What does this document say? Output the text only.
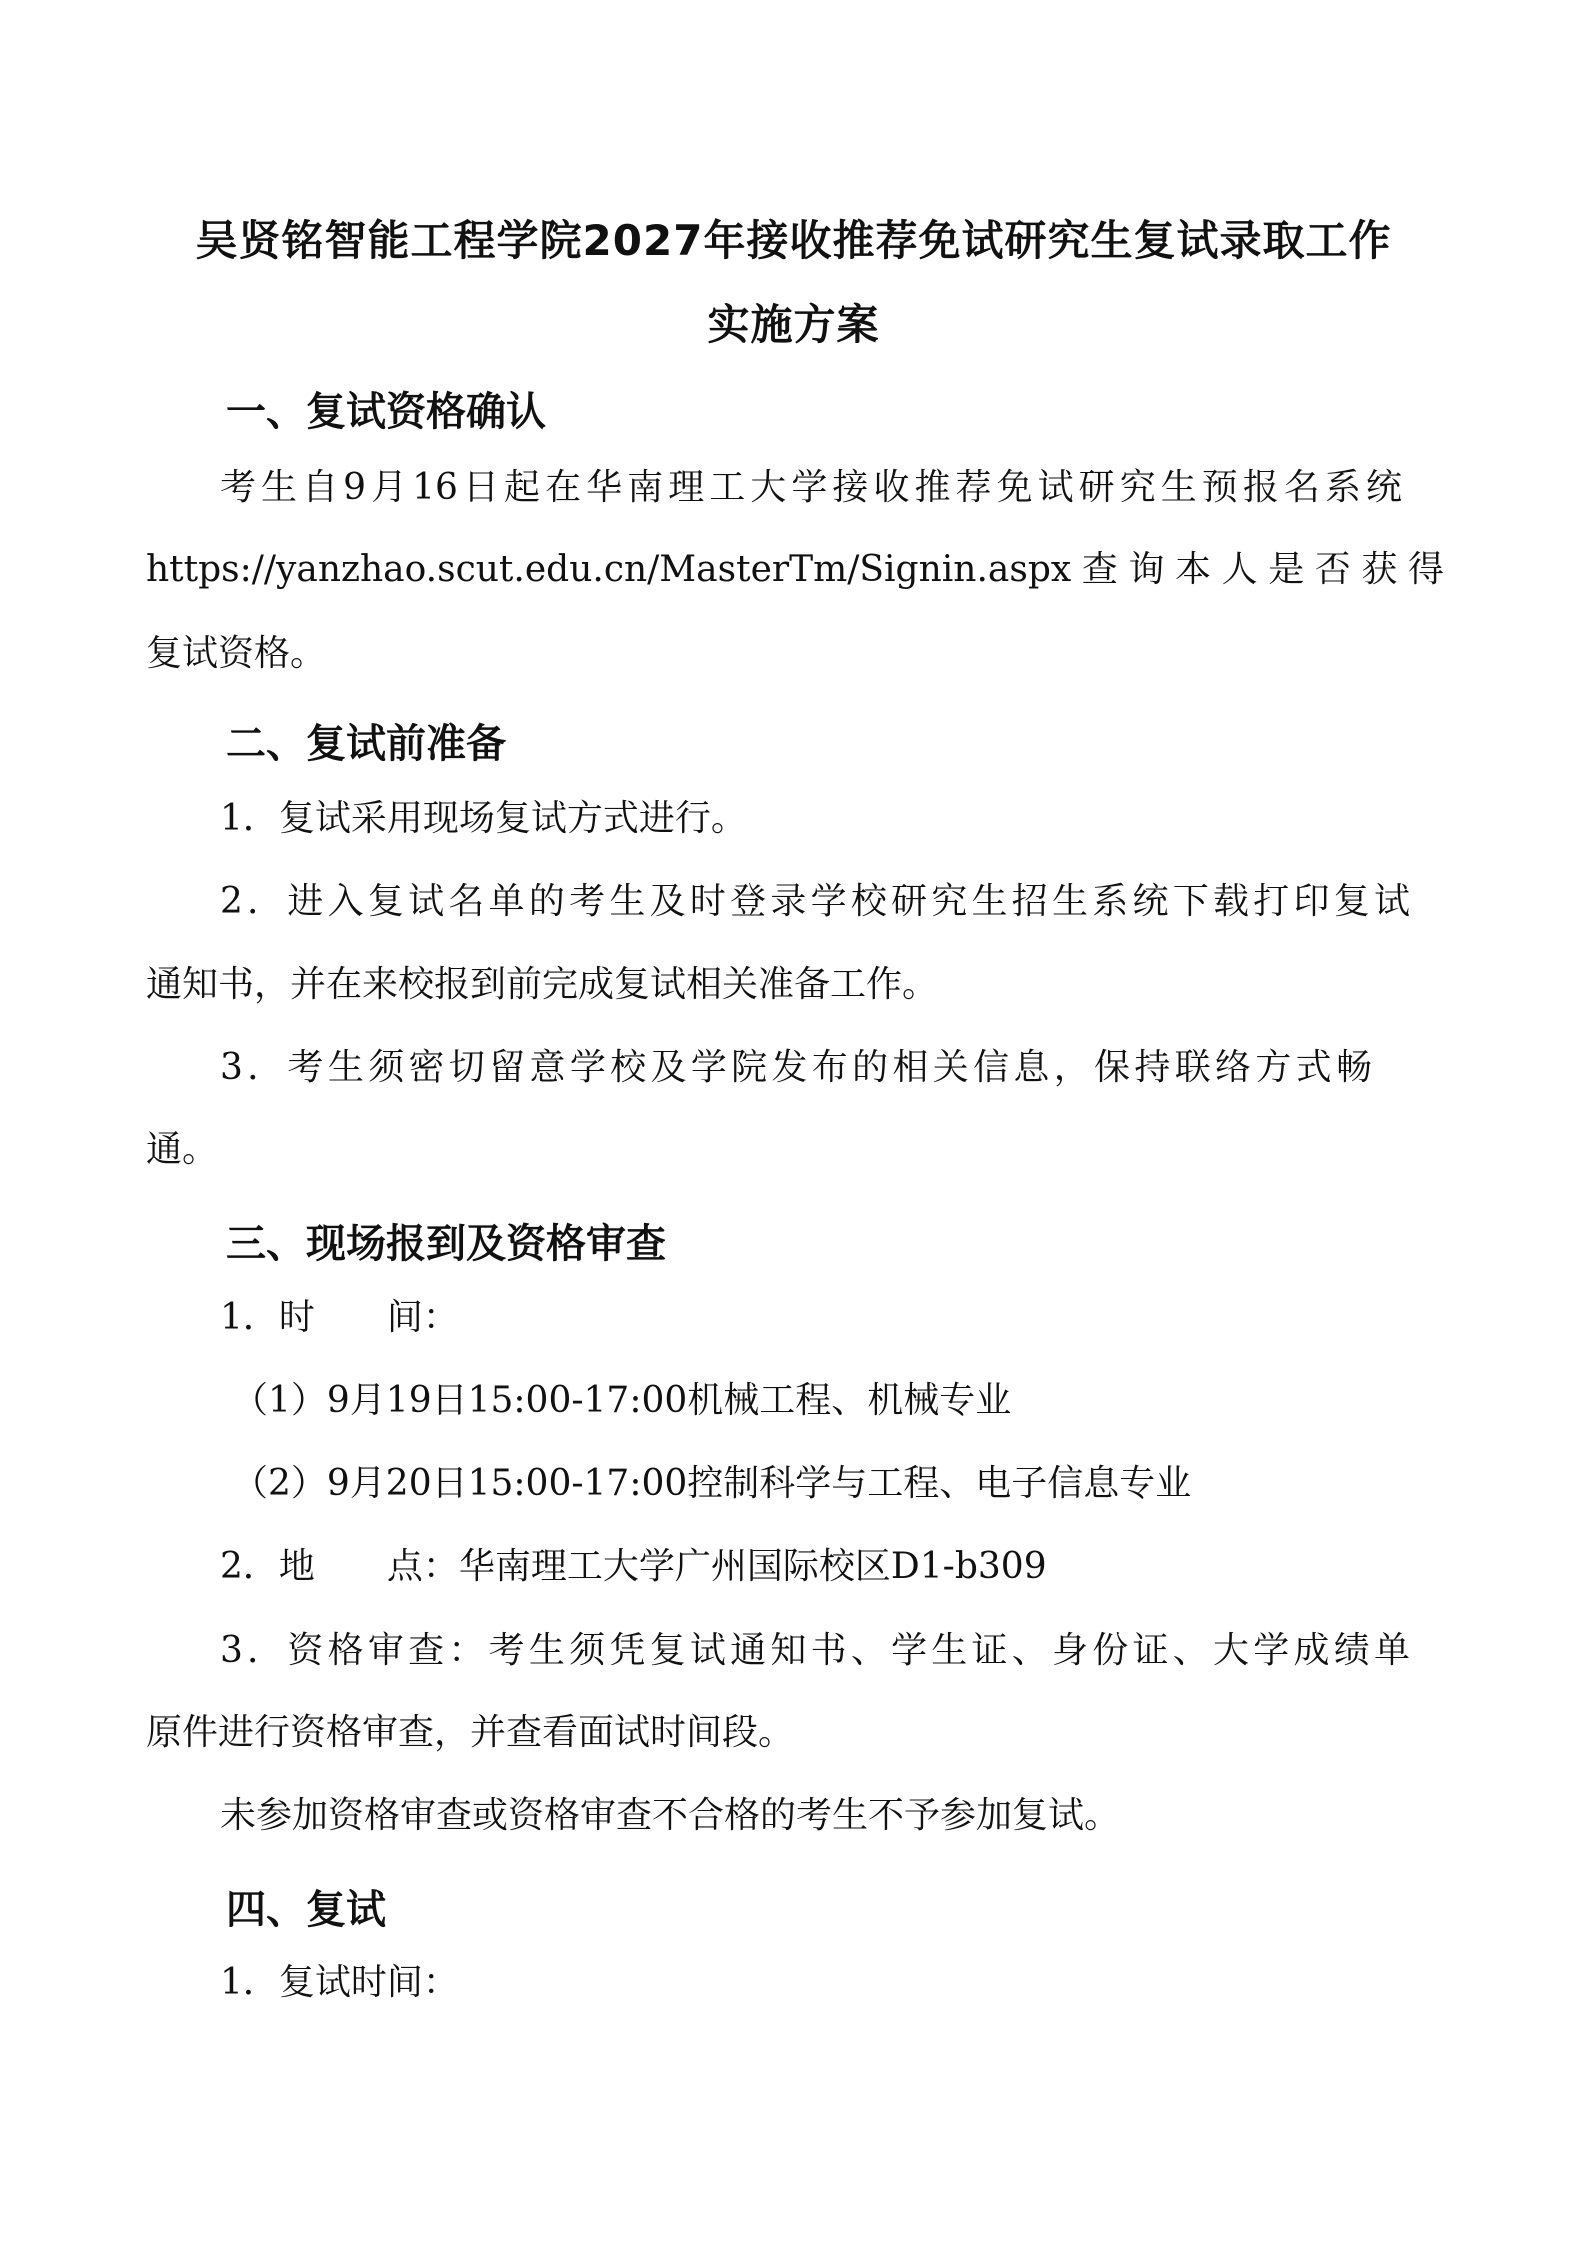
吴贤铭智能工程学院2027年接收推荐免试研究生复试录取工作
实施方案
一、复试资格确认
考生自9月16日起在华南理工大学接收推荐免试研究生预报名系统
https://yanzhao.scut.edu.cn/MasterTm/Signin.aspx查询本人是否获得
复试资格。
二、复试前准备
1．复试采用现场复试方式进行。
2．进入复试名单的考生及时登录学校研究生招生系统下载打印复试
通知书，并在来校报到前完成复试相关准备工作。
3．考生须密切留意学校及学院发布的相关信息，保持联络方式畅
通。
三、现场报到及资格审查
1．时　　间：
（1）9月19日15:00-17:00机械工程、机械专业
（2）9月20日15:00-17:00控制科学与工程、电子信息专业
2．地　　点：华南理工大学广州国际校区D1-b309
3．资格审查：考生须凭复试通知书、学生证、身份证、大学成绩单
原件进行资格审查，并查看面试时间段。
未参加资格审查或资格审查不合格的考生不予参加复试。
四、复试
1．复试时间：
